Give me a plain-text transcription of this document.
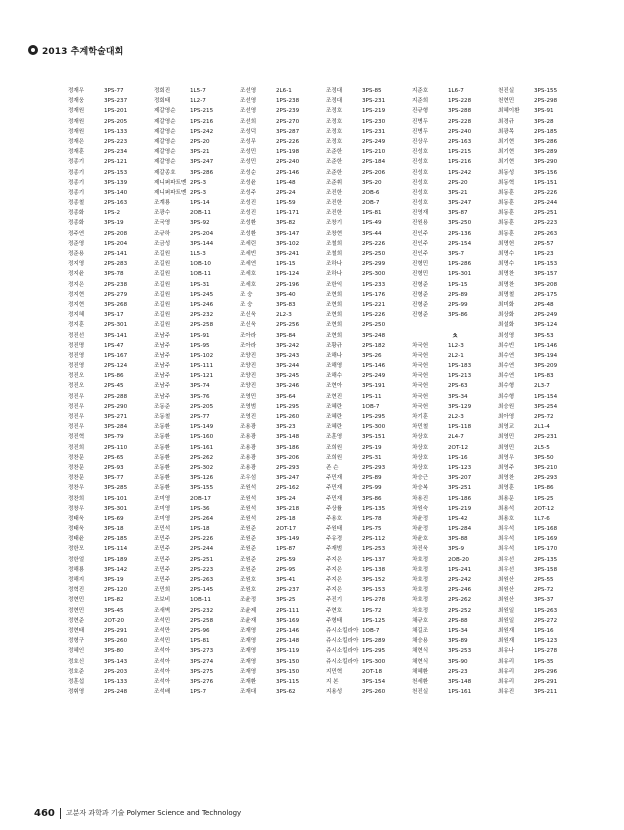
2013 추계학술대회
정재우	3PS-77	정회진	1L5-7	조선영	2L6-1	조정대	3PS-85	지준호	1L6-7	천진실	3PS-155
정재웅	3PS-237	정회태	1L2-7	조선영	1PS-238	조정대	3PS-231	지준희	1PS-228	천현민	2PS-298
정재원	1PS-201	제갈영순	1PS-215	조선영	2PS-239	조정호	1PS-219	진규형	3PS-288	최혜이환	3PS-91
정재원	2PS-205	제갈영순	1PS-216	조선희	2PS-270	조정호	1PS-230	진병두	2PS-228	최경규	3PS-28
정재원	1PS-133	제갈영순	1PS-242	조성덕	3PS-287	조정호	1PS-231	진병두	2PS-240	최광목	2PS-185
정재은	2PS-223	제갈영순	2PS-20	조성무	2PS-226	조정호	2PS-249	진상우	2PS-163	최기현	3PS-286
정재훈	2PS-234	제갈영순	3PS-21	조성민	1PS-198	조준한	1PS-210	진성호	1PS-215	최기현	3PS-289
정종기	2PS-121	제갈영순	3PS-247	조성민	2PS-240	조준한	2PS-184	진성호	1PS-216	최기현	3PS-290
정종기	2PS-153	제갈종호	3PS-286	조성순	2PS-146	조준한	2PS-206	진성호	1PS-242	최동성	3PS-156
정종기	3PS-139	제니퍼파트멘 2PS-3	조성윤	1PS-48	조준휘	3PS-20	진성호	2PS-20	최동혁	1PS-151
정종기	3PS-140	제니퍼파트멘 2PS-3	조성주	2PS-24	조진한	2OB-6	진성호	3PS-21	최동훈	2PS-226
정종철	2PS-163	조계룡	1PS-14	조성진	1PS-59	조진한	2OB-7	진성호	3PS-247	최동훈	2PS-244
정종화	1PS-2	조광수	2OB-11	조성진	1PS-171	조진한	1PS-81	진영재	3PS-87	최동훈	2PS-251
정종화	3PS-19	조국영	3PS-92	조성환	3PS-82	조창기	1PS-49	진원용	3PS-250	최동훈	2PS-223
정주연	2PS-208	조규하	2PS-204	조성환	3PS-147	조창현	3PS-44	진인주	2PS-136	최동훈	2PS-263
정준영	1PS-204	조금성	3PS-144	조세린	3PS-102	조철희	2PS-226	진인주	2PS-154	최명헌	2PS-57
정준용	2PS-141	조길원	1L5-3	조세빈	3PS-241	조철희	2PS-250	진인주	3PS-7	최명수	1PS-23
정지영	2PS-283	조길원	1OB-10	조세연	1PS-15	조하나	2PS-299	진형민	1PS-286	최명수	1PS-153
정지윤	3PS-78	조길원	1OB-11	조세호	1PS-124	조하나	2PS-300	진형민	1PS-301	최명찬	3PS-157
정지은	2PS-238	조길원	1PS-31	조세호	2PS-196	조한익	1PS-233	진형준	1PS-15	최명찬	3PS-208
정지현	2PS-279	조길원	1PS-245	조 숭	3PS-40	조현희	1PS-176	진형준	2PS-89	최명철	2PS-175
정지현	3PS-268	조길원	1PS-246	조 숭	3PS-83	조현희	1PS-221	진형준	2PS-99	최미화	2PS-48
정지혜	3PS-17	조길원	2PS-232	조신욱	2L2-3	조현희	1PS-226	진형준	3PS-86	최상화	2PS-249
정지훈	2PS-301	조길원	2PS-258	조신욱	2PS-256	조현희	2PS-250	최설화	3PS-124
정진선	3PS-141	조남주	1PS-91	조아라	3PS-84	조현희	3PS-248	ㅊ	최성영	3PS-53
정진명	1PS-47	조남주	1PS-95	조아라	3PS-242	조황규	2PS-182	차국헌	1L2-3	최수빈	1PS-146
정진영	1PS-167	조남주	1PS-102	조양진	3PS-243	조해나	3PS-26	차국헌	2L2-1	최수연	3PS-194
정진영	2PS-124	조남주	1PS-111	조양진	3PS-244	조해영	1PS-146	차국헌	1PS-183	최수연	3PS-209
정진오	1PS-86	조남주	1PS-121	조양진	3PS-245	조해수	2PS-249	차국헌	1PS-213	최수연	1PS-83
정진오	2PS-45	조남주	3PS-74	조양진	3PS-246	조현아	3PS-191	차국헌	2PS-63	최수형	2L3-7
정진우	2PS-288	조남주	3PS-76	조영민	3PS-64	조현진	1PS-11	차국헌	3PS-34	최수형	1PS-154
정진우	2PS-290	조동준	2PS-205	조영범	1PS-295	조혜란	1OB-7	차국헌	3PS-129	최승원	3PS-254
정진우	3PS-271	조동철	2PS-77	조영진	1PS-260	조혜란	1PS-295	차기훈	2L2-3	최아영	2PS-72
정진우	3PS-284	조동환	1PS-149	조용광	3PS-23	조혜란	1PS-300	차민철	1PS-118	최영교	2L1-4
정진혁	3PS-79	조동환	1PS-160	조용광	3PS-148	조훈영	3PS-151	차상호	2L4-7	최영민	2PS-231
정진희	2PS-110	조동환	1PS-161	조용광	3PS-186	조희원	2PS-19	차상호	2OT-12	최영민	2L5-5
정찬문	2PS-65	조동환	2PS-262	조용광	3PS-206	조희원	2PS-31	차상호	1PS-16	최영우	3PS-50
정찬문	2PS-93	조동환	2PS-302	조용광	2PS-293	존 슨	2PS-293	차상호	1PS-123	최영주	3PS-210
정찬문	3PS-77	조동환	3PS-126	조우섬	3PS-247	주민재	2PS-89	차승근	3PS-207	최영찬	2PS-293
정찬우	3PS-285	조동환	3PS-155	조원석	2PS-162	주민재	2PS-99	차승복	3PS-251	최영훈	1PS-86
정찬희	1PS-101	조미영	2OB-17	조원석	3PS-24	주민재	3PS-86	차용진	1PS-186	최용문	1PS-25
정창우	3PS-301	조미영	1PS-36	조원석	3PS-218	주상률	1PS-135	차원숙	1PS-219	최용석	2OT-12
정태욱	1PS-69	조미영	2PS-264	조원석	2PS-18	주용호	1PS-78	차윤정	1PS-42	최용호	1L7-6
정태욱	3PS-18	조민석	1PS-18	조원준	2OT-17	주원태	1PS-75	차윤정	1PS-284	최우석	1PS-168
정태윤	2PS-185	조민주	2PS-226	조원준	3PS-149	주유경	2PS-112	차윤호	3PS-88	최우석	1PS-169
정한모	1PS-114	조민주	2PS-244	조원준	1PS-87	주재범	1PS-253	차진욱	3PS-9	최우석	1PS-170
정한얼	1PS-189	조민주	2PS-251	조원준	2PS-59	주지은	1PS-137	차호정	2OB-20	최우선	2PS-135
정해룡	3PS-142	조민주	2PS-223	조원준	2PS-95	주지은	1PS-138	차호정	1PS-241	최우선	3PS-158
정해지	3PS-19	조민주	2PS-263	조원호	3PS-41	주지은	3PS-152	차호정	2PS-242	최원산	2PS-55
정혁진	2PS-120	조민희	2PS-145	조원호	2PS-237	주지은	3PS-153	차호정	2PS-246	최원산	2PS-72
정현민	1PS-82	조보비	1OB-11	조윤정	3PS-25	주진기	1PS-278	차호정	2PS-262	최원산	3PS-37
정현민	3PS-45	조새벽	2PS-232	조윤제	2PS-111	주현호	1PS-72	차호정	2PS-252	최원일	1PS-263
정현준	2OT-20	조석민	2PS-258	조윤재	3PS-169	주형태	1PS-125	채규호	2PS-88	최원일	2PS-272
정현태	2PS-291	조석만	2PS-96	조재영	2PS-146	쥬시소킬라아 1OB-7	채길조	1PS-34	최원재	1PS-16
정형구	3PS-260	조석민	1PS-81	조재영	2PS-148	쥬시소킬라아 1PS-289	채승용	3PS-89	최원재	1PS-123
정혜인	3PS-80	조석아	3PS-273	조재영	3PS-119	쥬시소킬라아 1PS-295	채현식	3PS-253	최유나	1PS-278
정호신	3PS-143	조석아	3PS-274	조재영	3PS-150	쥬시소킬라아 1PS-300	채현식	3PS-90	최유리	1PS-35
정호준	2PS-203	조석아	3PS-275	조재영	3PS-150	지민혁	2OT-18	채혜환	2PS-23	최유리	2PS-296
정훈섭	1PS-133	조석아	3PS-276	조재환	3PS-115	지 본	3PS-154	천세환	3PS-148	최유리	2PS-291
정휘영	2PS-248	조석배	1PS-7	조재대	3PS-62	지용성	2PS-260	천진실	1PS-161	최유진	3PS-211
460 고분자 과학과 기술 Polymer Science and Technology
